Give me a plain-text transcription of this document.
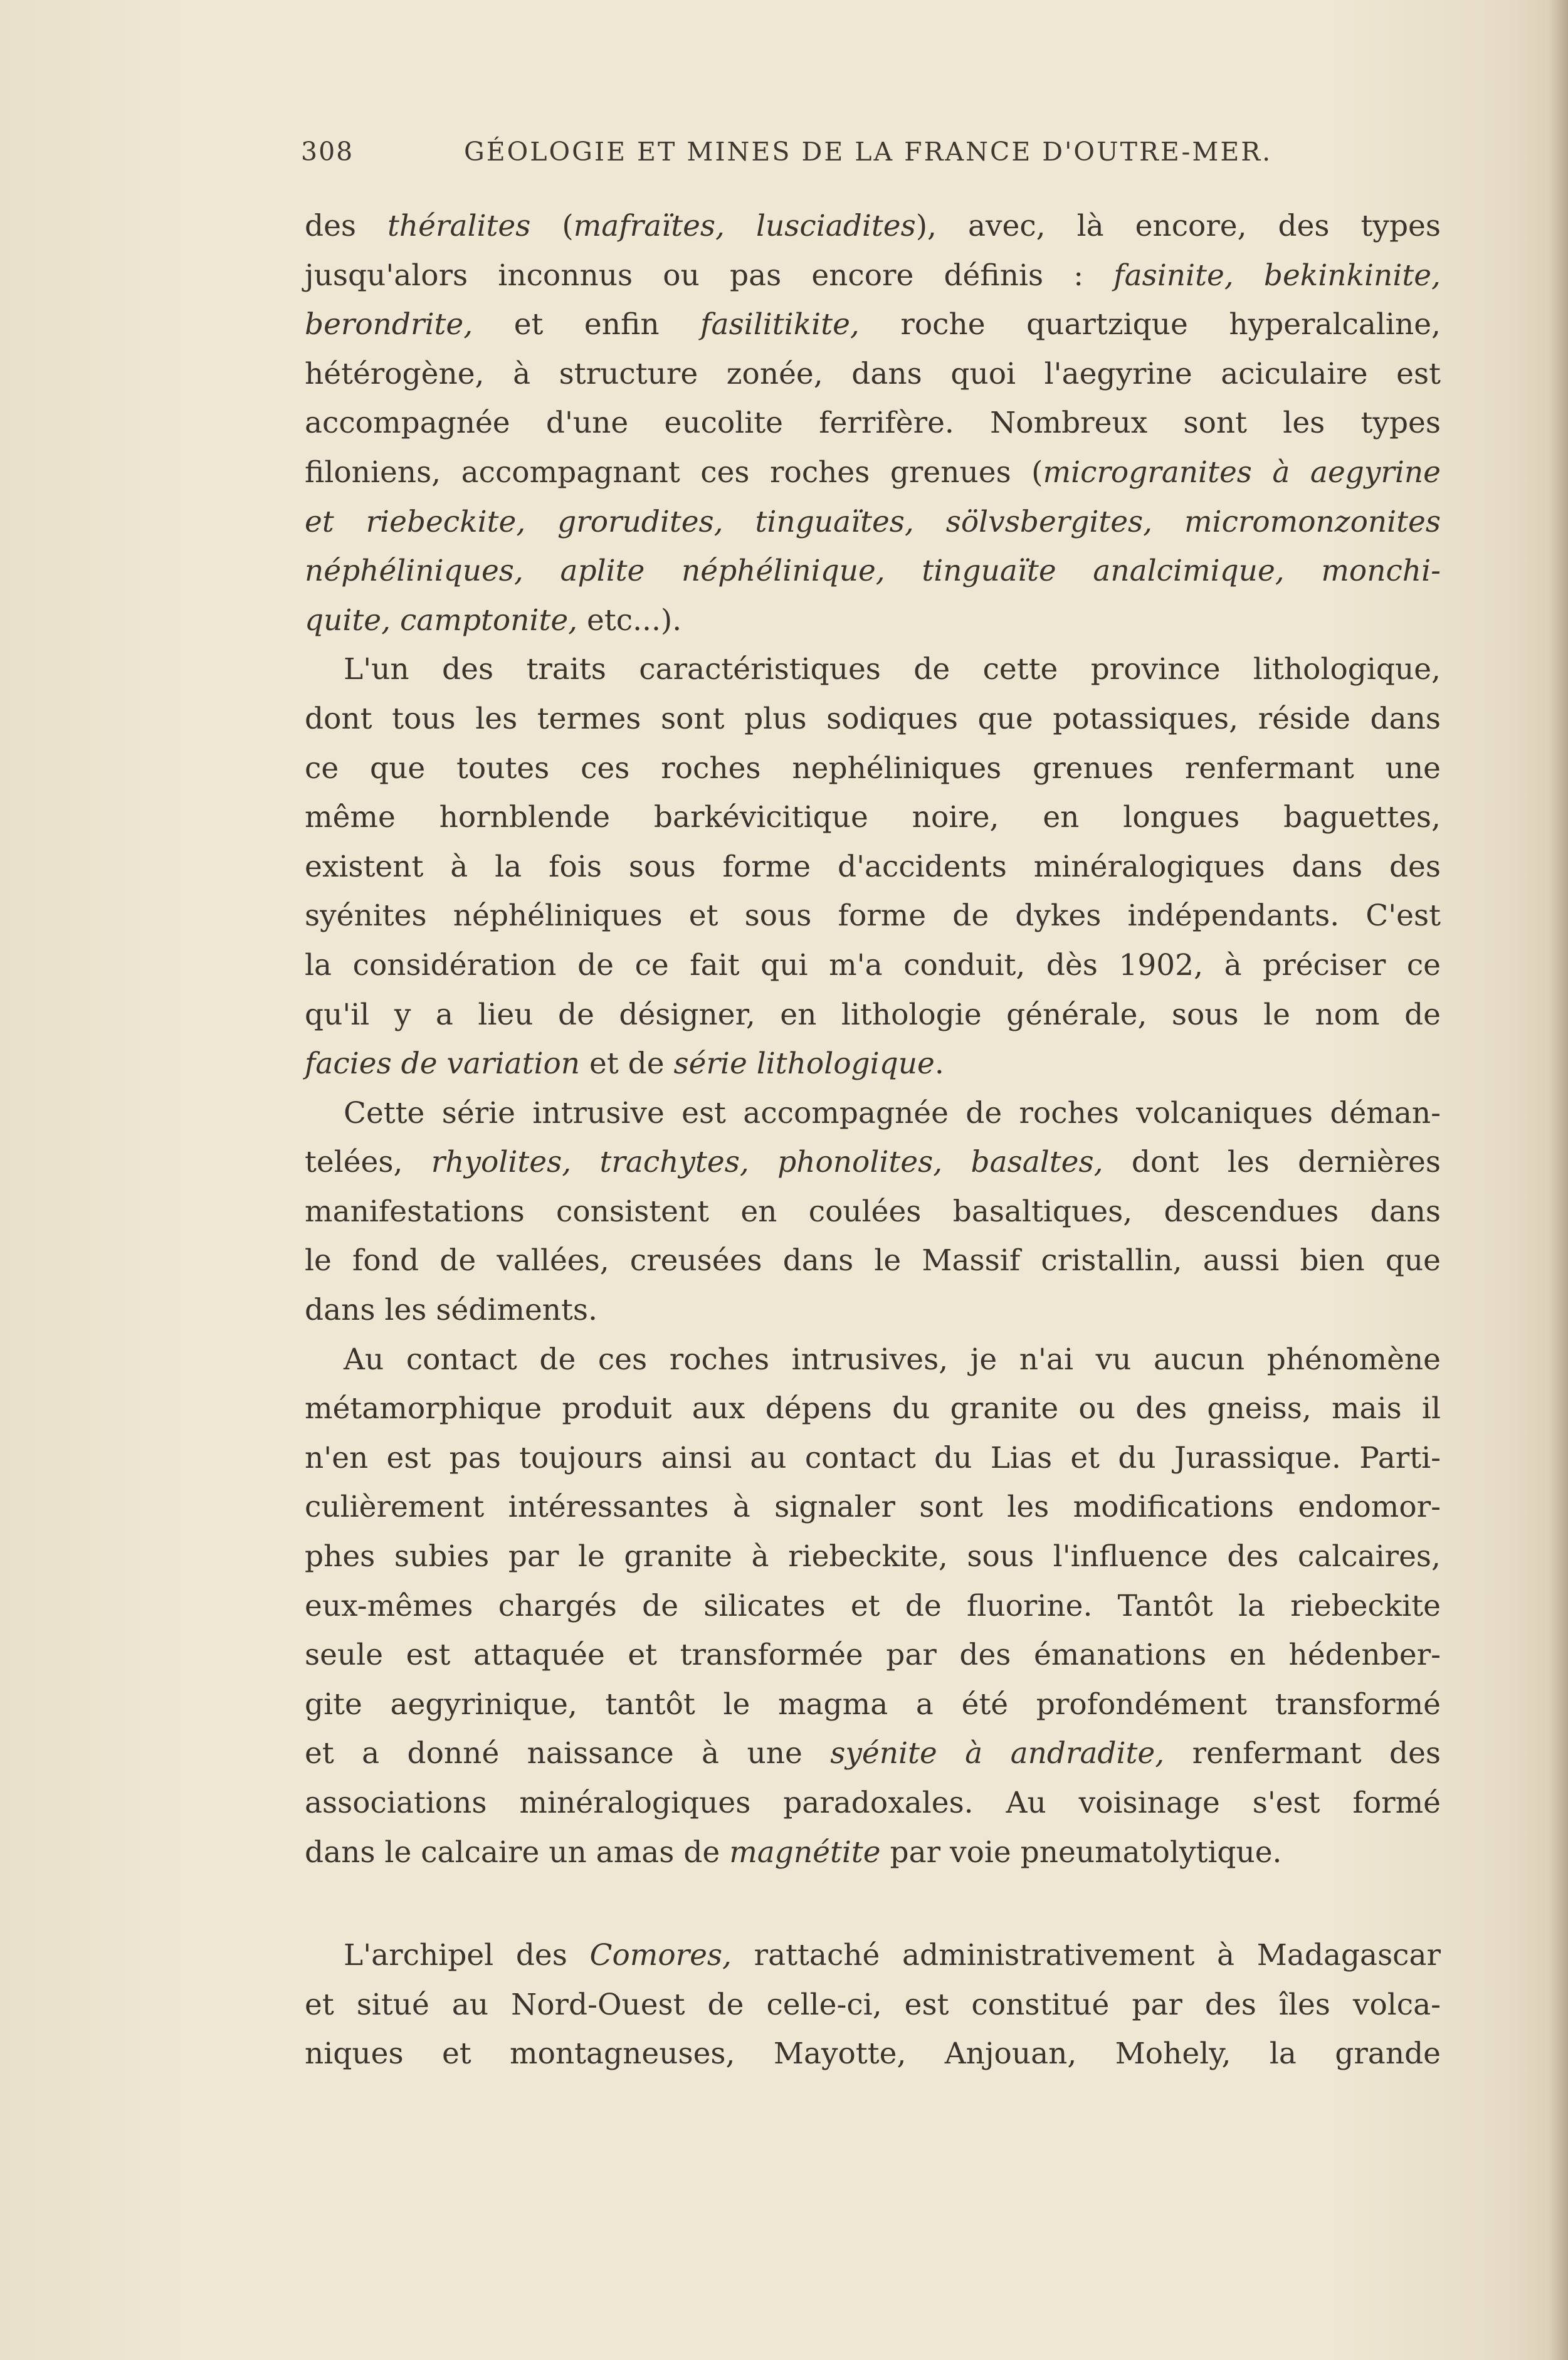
308	GÉOLOGIE ET MINES DE LA FRANCE D'OUTRE-MER.

des théralites (mafraïtes, lusciadites), avec, là encore, des types
jusqu'alors inconnus ou pas encore définis : fasinite, bekinkinite,
berondrite, et enfin fasilitikite, roche quartzique hyperalcaline,
hétérogène, à structure zonée, dans quoi l'aegyrine aciculaire est
accompagnée d'une eucolite ferrifère. Nombreux sont les types
filoniens, accompagnant ces roches grenues (microgranites à aegyrine
et riebeckite, grorudites, tinguaïtes, sölvsbergites, micromonzonites
néphéliniques, aplite néphélinique, tinguaïte analcimique, monchi-
quite, camptonite, etc...).

L'un des traits caractéristiques de cette province lithologique,
dont tous les termes sont plus sodiques que potassiques, réside dans
ce que toutes ces roches nephéliniques grenues renfermant une
même hornblende barkévicitique noire, en longues baguettes,
existent à la fois sous forme d'accidents minéralogiques dans des
syénites néphéliniques et sous forme de dykes indépendants. C'est
la considération de ce fait qui m'a conduit, dès 1902, à préciser ce
qu'il y a lieu de désigner, en lithologie générale, sous le nom de
facies de variation et de série lithologique.

Cette série intrusive est accompagnée de roches volcaniques déman-
telées, rhyolites, trachytes, phonolites, basaltes, dont les dernières
manifestations consistent en coulées basaltiques, descendues dans
le fond de vallées, creusées dans le Massif cristallin, aussi bien que
dans les sédiments.

Au contact de ces roches intrusives, je n'ai vu aucun phénomène
métamorphique produit aux dépens du granite ou des gneiss, mais il
n'en est pas toujours ainsi au contact du Lias et du Jurassique. Parti-
culièrement intéressantes à signaler sont les modifications endomor-
phes subies par le granite à riebeckite, sous l'influence des calcaires,
eux-mêmes chargés de silicates et de fluorine. Tantôt la riebeckite
seule est attaquée et transformée par des émanations en hédenber-
gite aegyrinique, tantôt le magma a été profondément transformé
et a donné naissance à une syénite à andradite, renfermant des
associations minéralogiques paradoxales. Au voisinage s'est formé
dans le calcaire un amas de magnétite par voie pneumatolytique.

L'archipel des Comores, rattaché administrativement à Madagascar
et situé au Nord-Ouest de celle-ci, est constitué par des îles volca-
niques et montagneuses, Mayotte, Anjouan, Mohely, la grande
